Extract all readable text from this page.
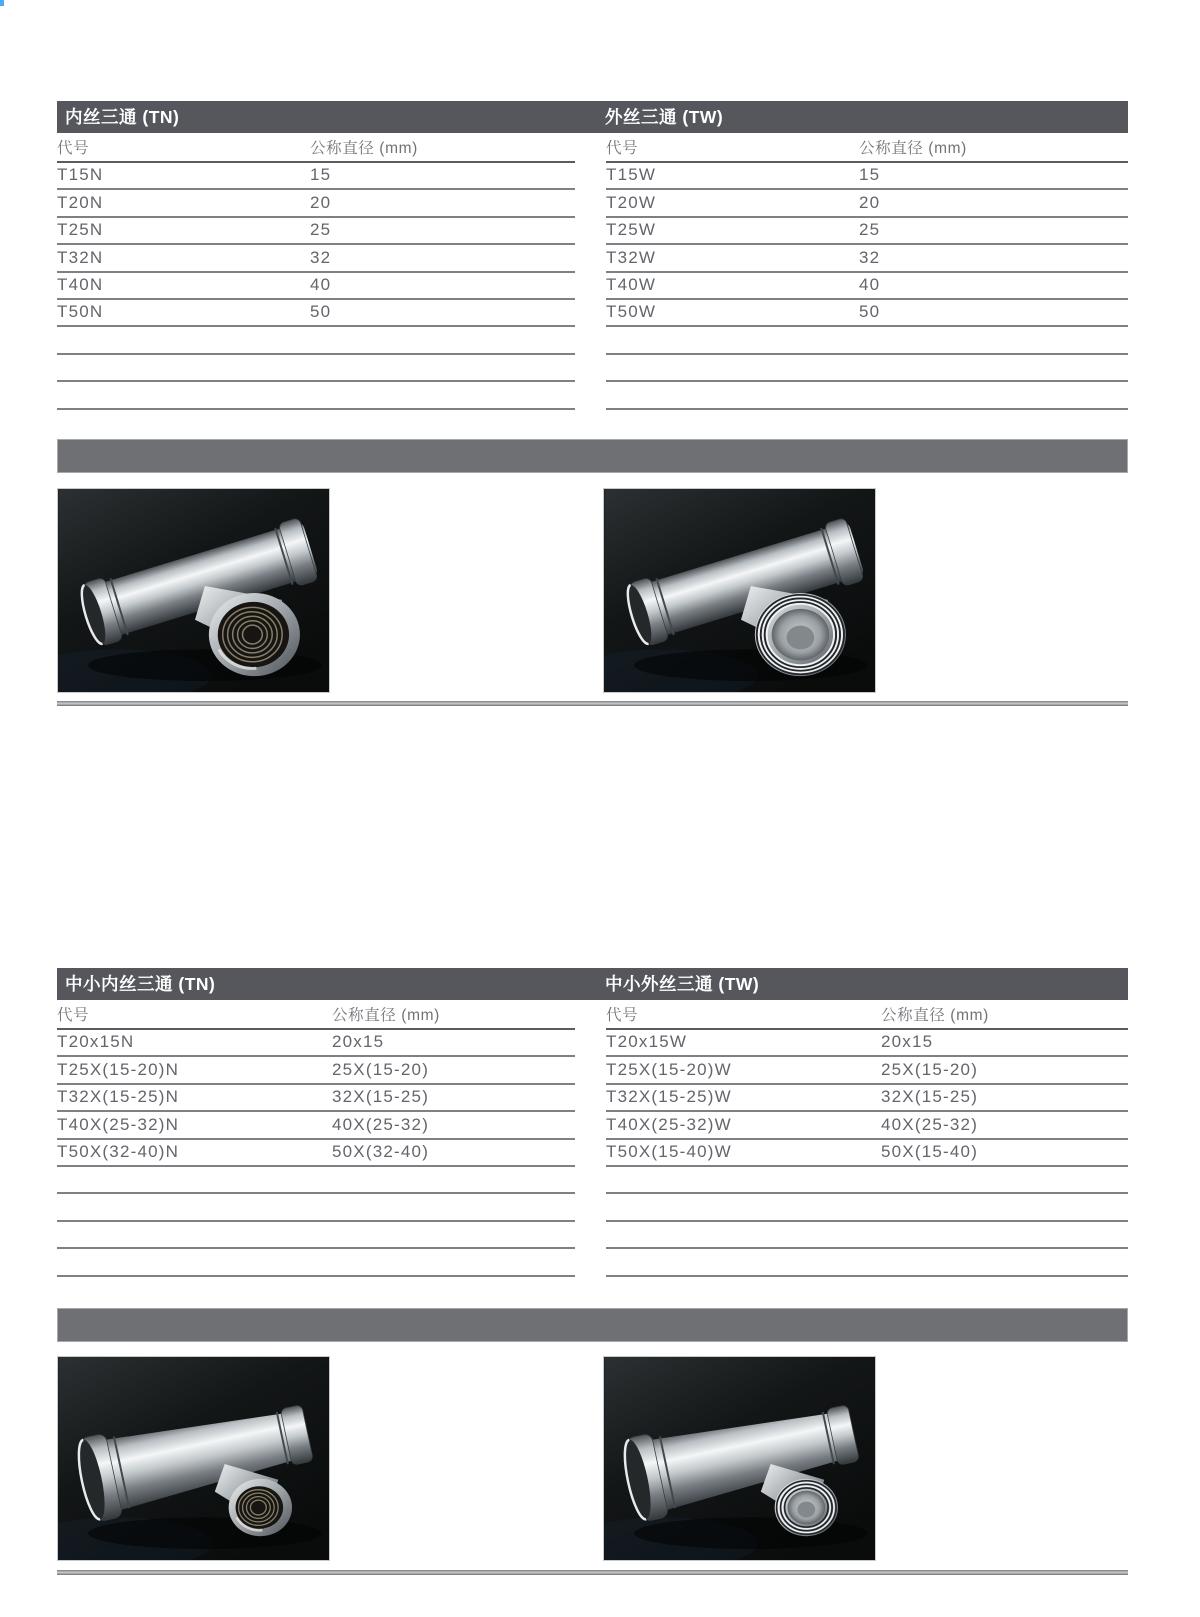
内丝三通 (TN)	外丝三通 (TW)
代号	公称直径 (mm)
T15N	15
T20N	20
T25N	25
T32N	32
T40N	40
T50N	50
代号	公称直径 (mm)
T15W	15
T20W	20
T25W	25
T32W	32
T40W	40
T50W	50
中小内丝三通 (TN)	中小外丝三通 (TW)
代号	公称直径 (mm)
T20x15N	20x15
T25X(15-20)N	25X(15-20)
T32X(15-25)N	32X(15-25)
T40X(25-32)N	40X(25-32)
T50X(32-40)N	50X(32-40)
代号	公称直径 (mm)
T20x15W	20x15
T25X(15-20)W	25X(15-20)
T32X(15-25)W	32X(15-25)
T40X(25-32)W	40X(25-32)
T50X(15-40)W	50X(15-40)
